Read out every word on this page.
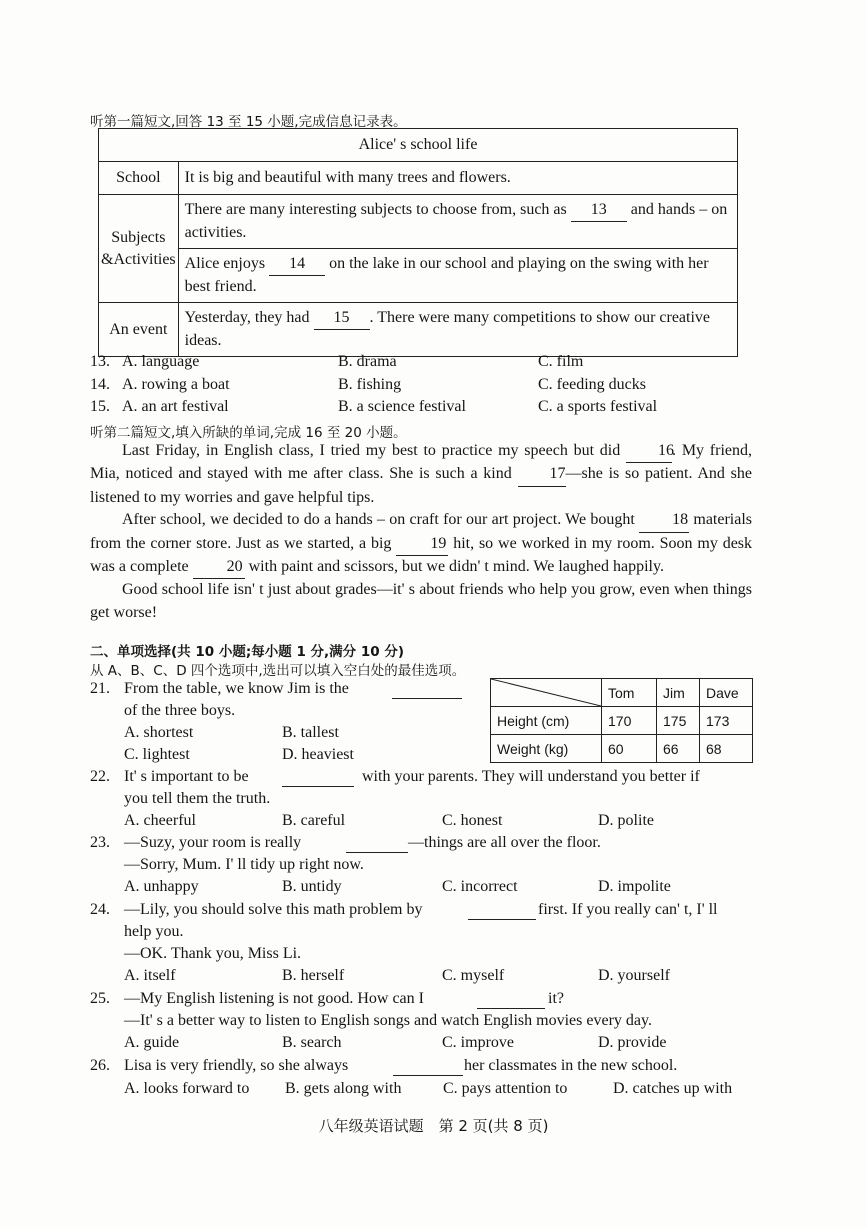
听第一篇短文,回答 13 至 15 小题,完成信息记录表。
Alice' s school life	
School	It is big and beautiful with many trees and flowers.

Subjects
&Activities	There are many interesting subjects to choose from, such as 13 and hands – on activities.
	Alice enjoys 14 on the lake in our school and playing on the swing with her best friend.
An event	Yesterday, they had 15 . There were many competitions to show our creative ideas.
13. A. language	B. drama	C. film
14. A. rowing a boat	B. fishing	C. feeding ducks
15. A. an art festival	B. a science festival	C. a sports festival
听第二篇短文,填入所缺的单词,完成 16 至 20 小题。

Last Friday, in English class, I tried my best to practice my speech but did 16. My friend, Mia, noticed and stayed with me after class. She is such a kind 17—she is so patient. And she listened to my worries and gave helpful tips.

After school, we decided to do a hands – on craft for our art project. We bought 18 materials from the corner store. Just as we started, a big 19 hit, so we worked in my room. Soon my desk was a complete 20 with paint and scissors, but we didn' t mind. We laughed happily.

Good school life isn' t just about grades—it' s about friends who help you grow, even when things get worse!

二、单项选择(共 10 小题;每小题 1 分,满分 10 分)
从 A、B、C、D 四个选项中,选出可以填入空白处的最佳选项。
21. From the table, we know Jim is the
of the three boys.
A. shortest	B. tallest
C. lightest	D. heaviest
	Tom	Jim	Dave
Height (cm)	170	175	173
Weight (kg)	60	66	68
22. It' s important to be	with your parents. They will understand you better if
you tell them the truth.
A. cheerful	B. careful	C. honest	D. polite
23. —Suzy, your room is really	—things are all over the floor.
—Sorry, Mum. I' ll tidy up right now.
A. unhappy	B. untidy	C. incorrect	D. impolite
24. —Lily, you should solve this math problem by	first. If you really can' t, I' ll
help you.
—OK. Thank you, Miss Li.
A. itself	B. herself	C. myself	D. yourself
25. —My English listening is not good. How can I	it?
—It' s a better way to listen to English songs and watch English movies every day.
A. guide	B. search	C. improve	D. provide
26. Lisa is very friendly, so she always	her classmates in the new school.
A. looks forward to B. gets along with	C. pays attention to	D. catches up with
八年级英语试题　第 2 页(共 8 页)
